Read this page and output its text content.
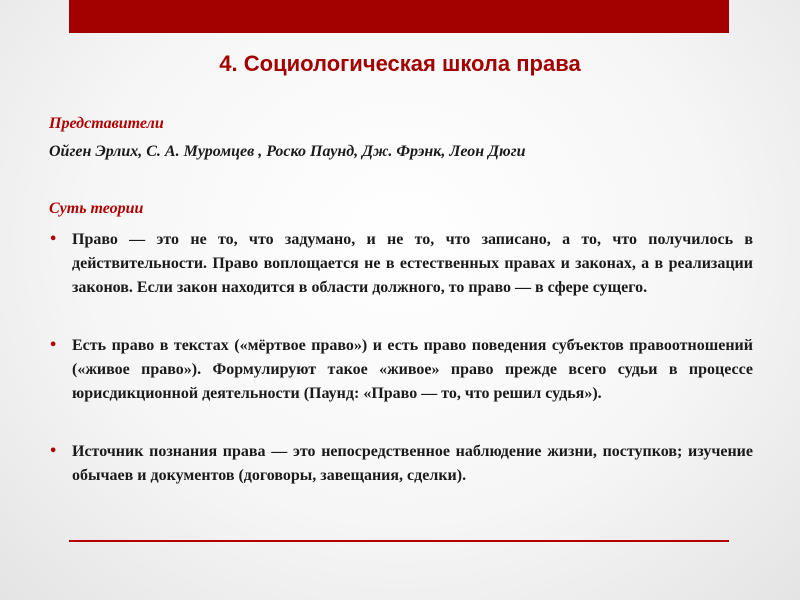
4. Социологическая школа права

Представители

Ойген Эрлих, С. А. Муромцев , Роско Паунд, Дж. Фрэнк, Леон Дюги

Суть теории

• Право — это не то, что задумано, и не то, что записано, а то, что получилось в действительности. Право воплощается не в естественных правах и законах, а в реализации законов. Если закон находится в области должного, то право — в сфере сущего.
• Есть право в текстах («мёртвое право») и есть право поведения субъектов правоотношений («живое право»). Формулируют такое «живое» право прежде всего судьи в процессе юрисдикционной деятельности (Паунд: «Право — то, что решил судья»).
• Источник познания права — это непосредственное наблюдение жизни, поступков; изучение обычаев и документов (договоры, завещания, сделки).
